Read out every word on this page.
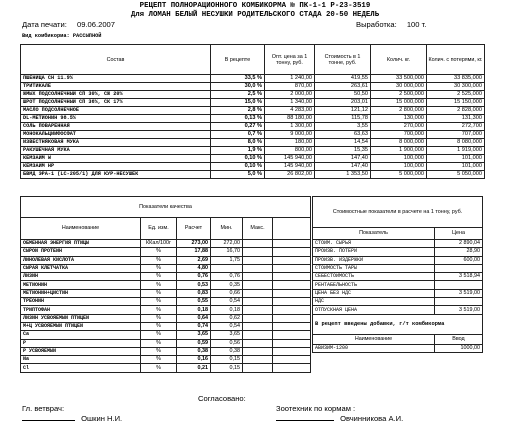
РЕЦЕПТ ПОЛНОРАЦИОННОГО КОМБИКОРМА № ПК-1-1 Р-23-3519
Для ЛОМАН БЕЛЫЙ НЕСУШКИ РОДИТЕЛЬСКОГО СТАДА 20-50 НЕДЕЛЬ
Дата печати: 09.06.2007	Выработка: 100 т.
Вид комбикорма: РАССЫПНОЙ
Состав	В рецепте	Опт. цена за 1 тонну, руб.	Стоимость в 1 тонне, руб.	Колич. кг.	Колич. с потерями, кг.
ПШЕНИЦА СН 11.9%	33,5 %	1 240,00	419,55	33 500,000	33 835,000
ТРИТИКАЛЕ	30,0 %	870,00	263,61	30 000,000	30 300,000
ЖМЫХ ПОДСОЛНЕЧНЫЙ СП 30%, СЖ 20%	2,5 %	2 000,00	50,50	2 500,000	2 525,000
ШРОТ ПОДСОЛНЕЧНЫЙ СП 36%, СК 17%	15,0 %	1 340,00	203,01	15 000,000	15 150,000
МАСЛО ПОДСОЛНЕЧНОЕ	2,8 %	4 283,00	121,12	2 800,000	2 828,000
DL-МЕТИОНИН 98.5%	0,13 %	88 180,00	115,78	130,000	131,300
СОЛЬ ПОВАРЕННАЯ	0,27 %	1 300,00	3,55	270,000	272,700
МОНОКАЛЬЦИЙФОСФАТ	0,7 %	9 000,00	63,63	700,000	707,000
ИЗВЕСТНЯКОВАЯ МУКА	8,0 %	180,00	14,54	8 000,000	8 080,000
РАКУШЕЧНАЯ МУКА	1,9 %	800,00	15,35	1 900,000	1 919,000
КЕМЗАЙМ W	0,10 %	145 940,00	147,40	100,000	101,000
КЕМЗАЙМ НР	0,10 %	145 940,00	147,40	100,000	101,000
БВМД ЭРА-1 (LC-205/1) ДЛЯ КУР-НЕСУШЕК	5,0 %	26 802,00	1 353,50	5 000,000	5 050,000
Показатели качества					
Наименование	Ед. изм.	Расчет	Мин.	Макс.	
ОБМЕННАЯ ЭНЕРГИЯ ПТИЦЫ	ККал/100г	273,00	272,00		
СЫРОЙ ПРОТЕИН	%	17,88	16,70		
ЛИНОЛЕВАЯ КИСЛОТА	%	2,69	1,75		
СЫРАЯ КЛЕТЧАТКА	%	4,80			
ЛИЗИН	%	0,76	0,76		
МЕТИОНИН	%	0,53	0,35		
МЕТИОНИН+ЦИСТИН	%	0,83	0,66		
ТРЕОНИН	%	0,55	0,54		
ТРИПТОФАН	%	0,18	0,18		
ЛИЗИН УСВОЯЕМЫЙ ПТИЦЕЙ	%	0,64	0,62		
М+Ц УСВОЯЕМЫЙ ПТИЦЕЙ	%	0,74	0,54		
Са	%	3,65	3,65		
Р	%	0,59	0,56		
Р УСВОЯЕМЫЙ	%	0,38	0,38		
Na	%	0,16	0,15		
Cl	%	0,21	0,15		
Стоимостные показатели в расчете на 1 тонну, руб.	
Показатель	Цена
СТОИМ. СЫРЬЯ	2 890,04
ПРОИЗВ. ПОТЕРИ	28,90
ПРОИЗВ. ИЗДЕРЖКИ	600,00
СТОИМОСТЬ ТАРЫ	
СЕБЕСТОИМОСТЬ	3 518,94
РЕНТАБЕЛЬНОСТЬ	
ЦЕНА БЕЗ НДС	3 519,00
НДС	
ОТПУСКНАЯ ЦЕНА	3 519,00
В рецепт введены добавки, г/т комбикорма	
Наименование	Ввод
АВИЗИМ-1200	1000,00
Согласовано:
Гл. ветврач:
Ошкин Н.И.
Зоотехник по кормам :
Овчинникова А.И.
